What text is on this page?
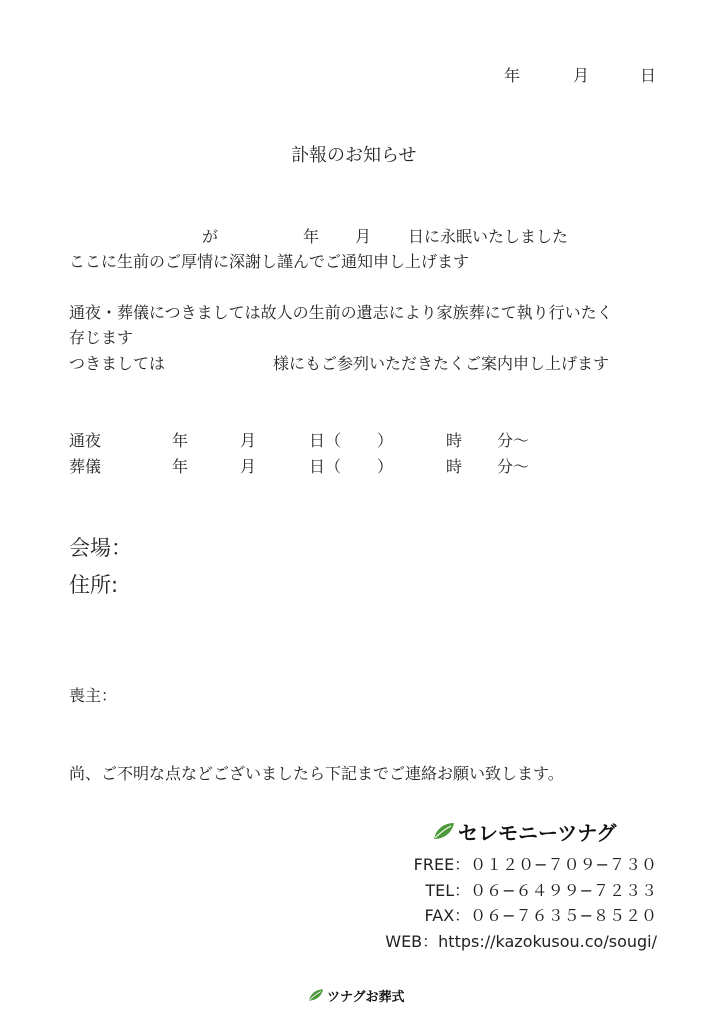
年	月	日
訃報のお知らせ
が	年 月 日に永眠いたしました
ここに生前のご厚情に深謝し謹んでご通知申し上げます
通夜・葬儀につきましては故人の生前の遺志により家族葬にて執り行いたく
存じます
つきましては	様にもご参列いただきたくご案内申し上げます
通夜	年	月	日（ ）	時 分～
葬儀	年	月	日（ ）	時 分～
会場：
住所:
喪主：
尚、ご不明な点などございましたら下記までご連絡お願い致します。
セレモニーツナグ
FREE：０１２０−７０９−７３０
TEL：０６−６４９９−７２３３
FAX：０６−７６３５−８５２０
WEB：https://kazokusou.co/sougi/
ツナグお葬式
